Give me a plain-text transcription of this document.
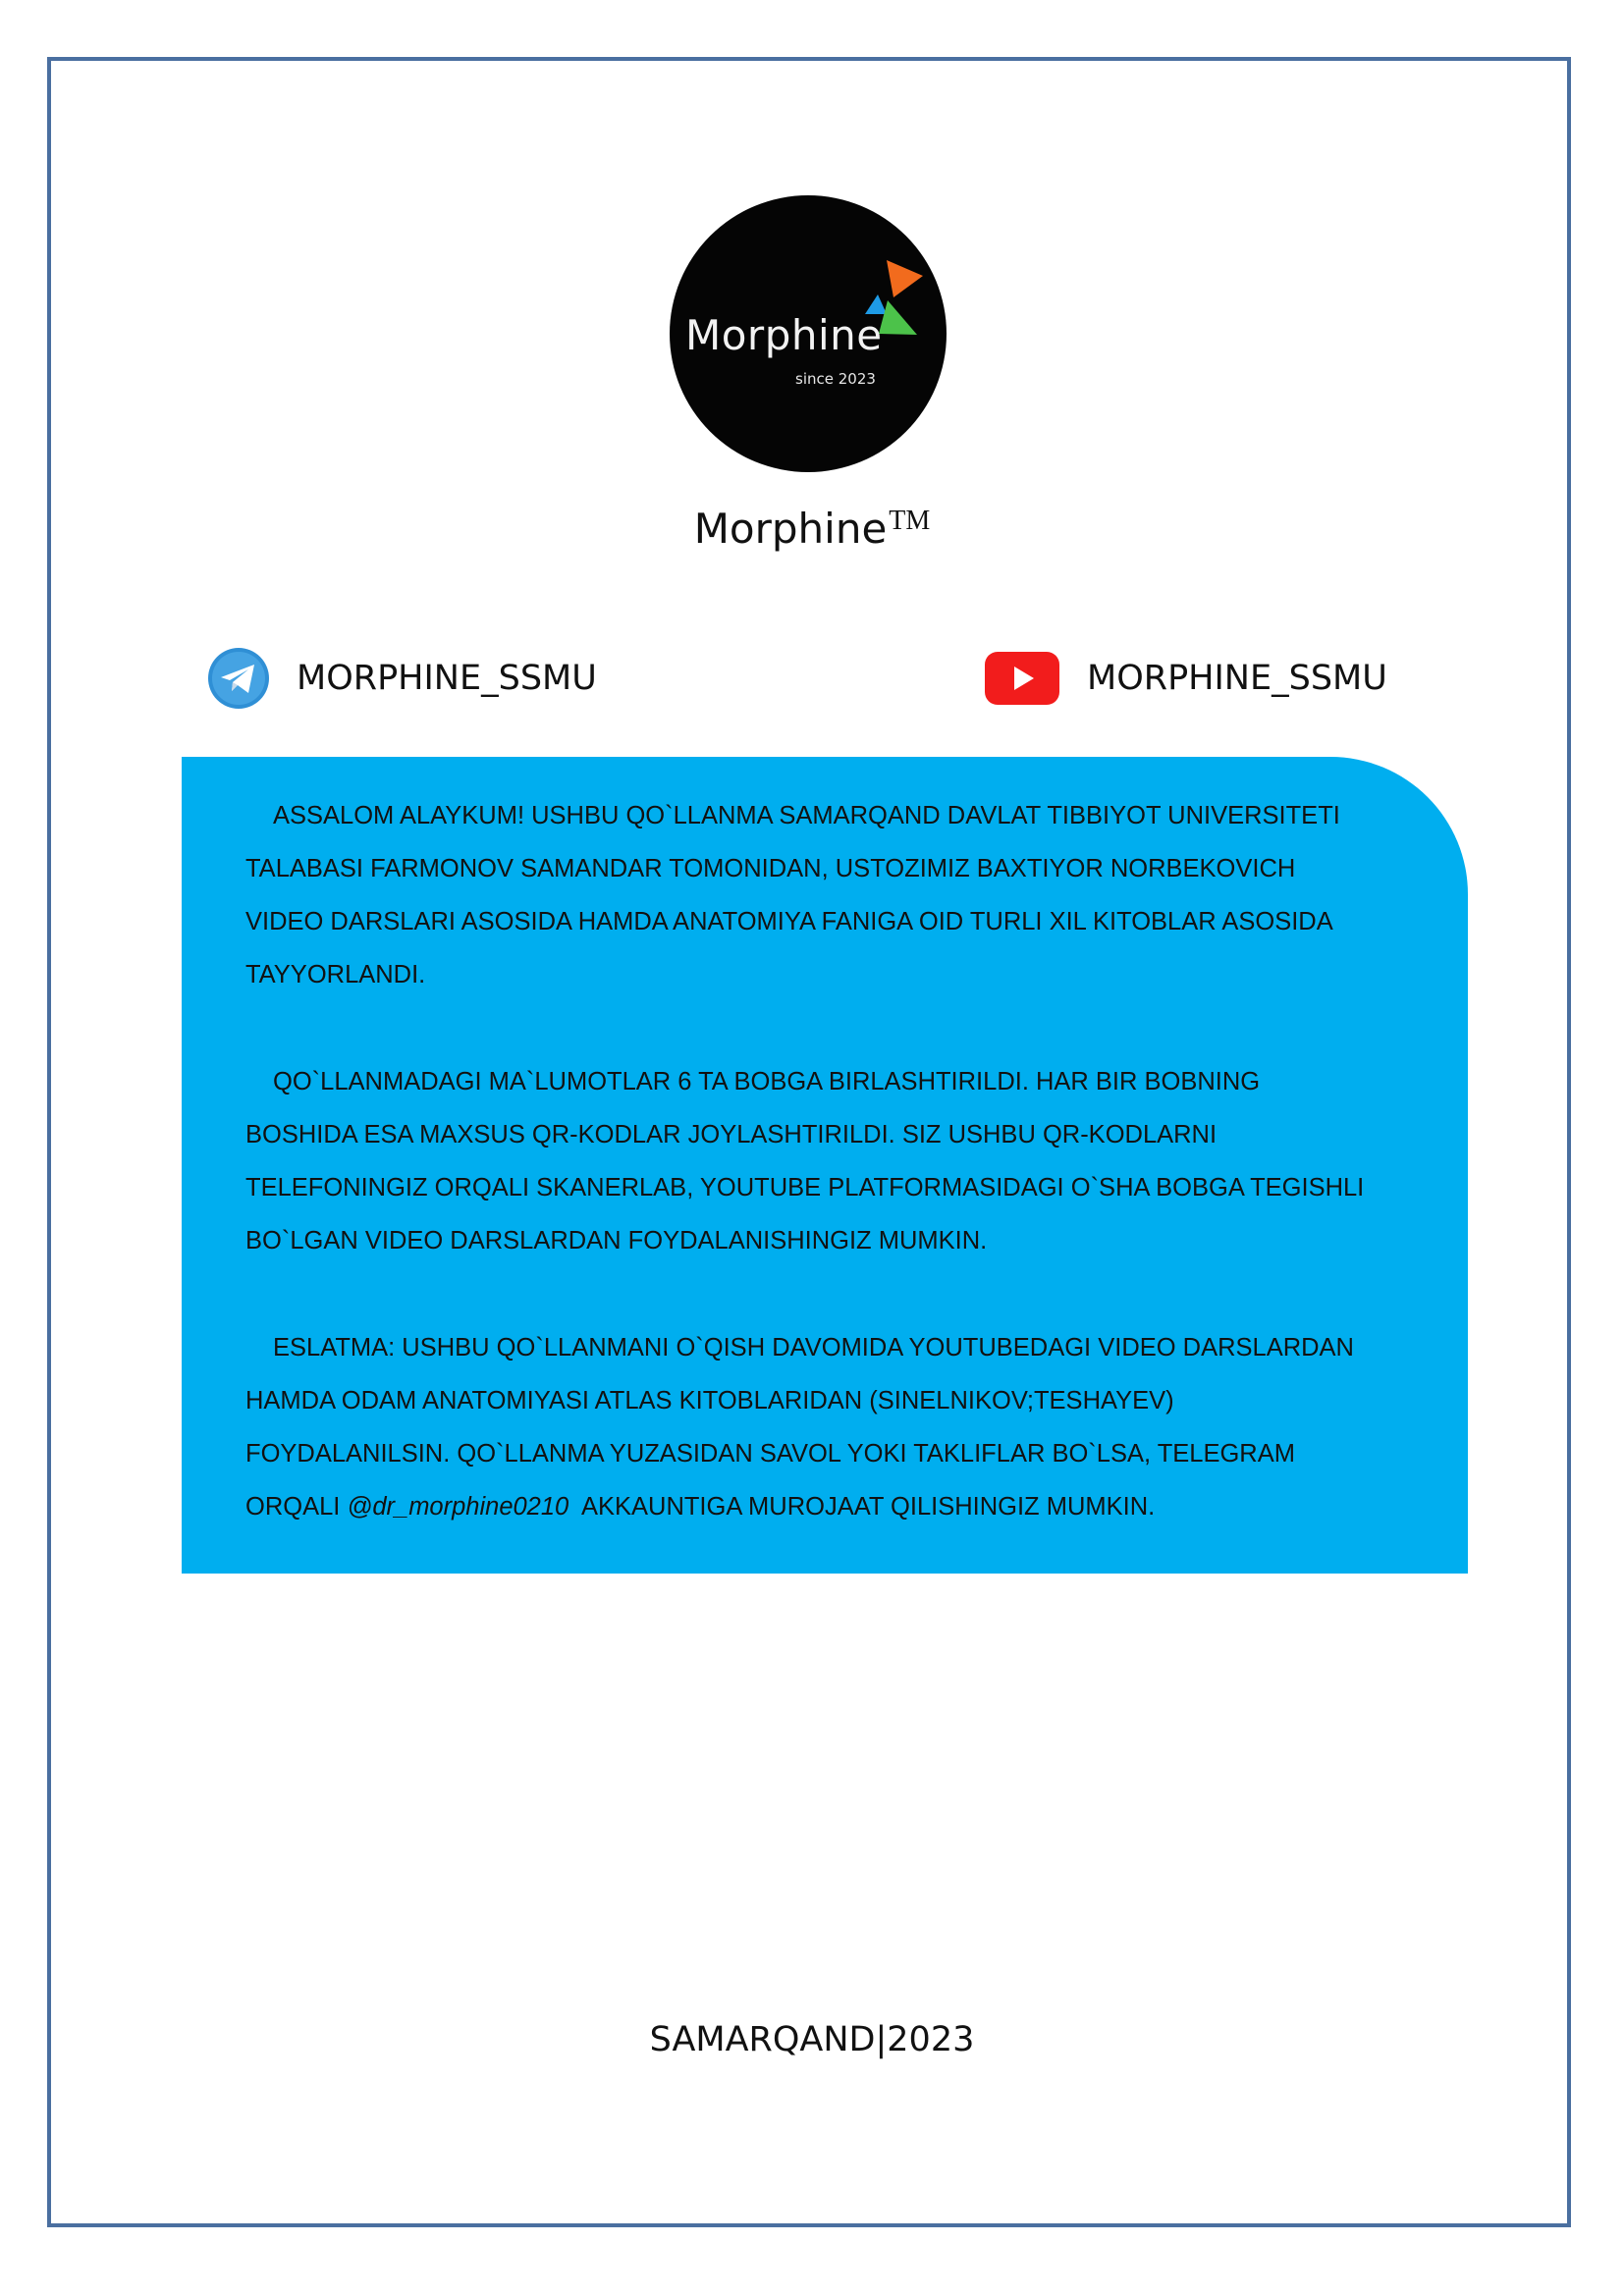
Morphine
since 2023
Morphine™
MORPHINE_SSMU	MORPHINE_SSMU
ASSALOM ALAYKUM! USHBU QO`LLANMA SAMARQAND DAVLAT TIBBIYOT UNIVERSITETI
TALABASI FARMONOV SAMANDAR TOMONIDAN, USTOZIMIZ BAXTIYOR NORBEKOVICH
VIDEO DARSLARI ASOSIDA HAMDA ANATOMIYA FANIGA OID TURLI XIL KITOBLAR ASOSIDA
TAYYORLANDI.
QO`LLANMADAGI MA`LUMOTLAR 6 TA BOBGA BIRLASHTIRILDI. HAR BIR BOBNING
BOSHIDA ESA MAXSUS QR-KODLAR JOYLASHTIRILDI. SIZ USHBU QR-KODLARNI
TELEFONINGIZ ORQALI SKANERLAB, YOUTUBE PLATFORMASIDAGI O`SHA BOBGA TEGISHLI
BO`LGAN VIDEO DARSLARDAN FOYDALANISHINGIZ MUMKIN.
ESLATMA: USHBU QO`LLANMANI O`QISH DAVOMIDA YOUTUBEDAGI VIDEO DARSLARDAN
HAMDA ODAM ANATOMIYASI ATLAS KITOBLARIDAN (SINELNIKOV;TESHAYEV)
FOYDALANILSIN. QO`LLANMA YUZASIDAN SAVOL YOKI TAKLIFLAR BO`LSA, TELEGRAM
ORQALI @dr_morphine0210  AKKAUNTIGA MUROJAAT QILISHINGIZ MUMKIN.
SAMARQAND|2023
